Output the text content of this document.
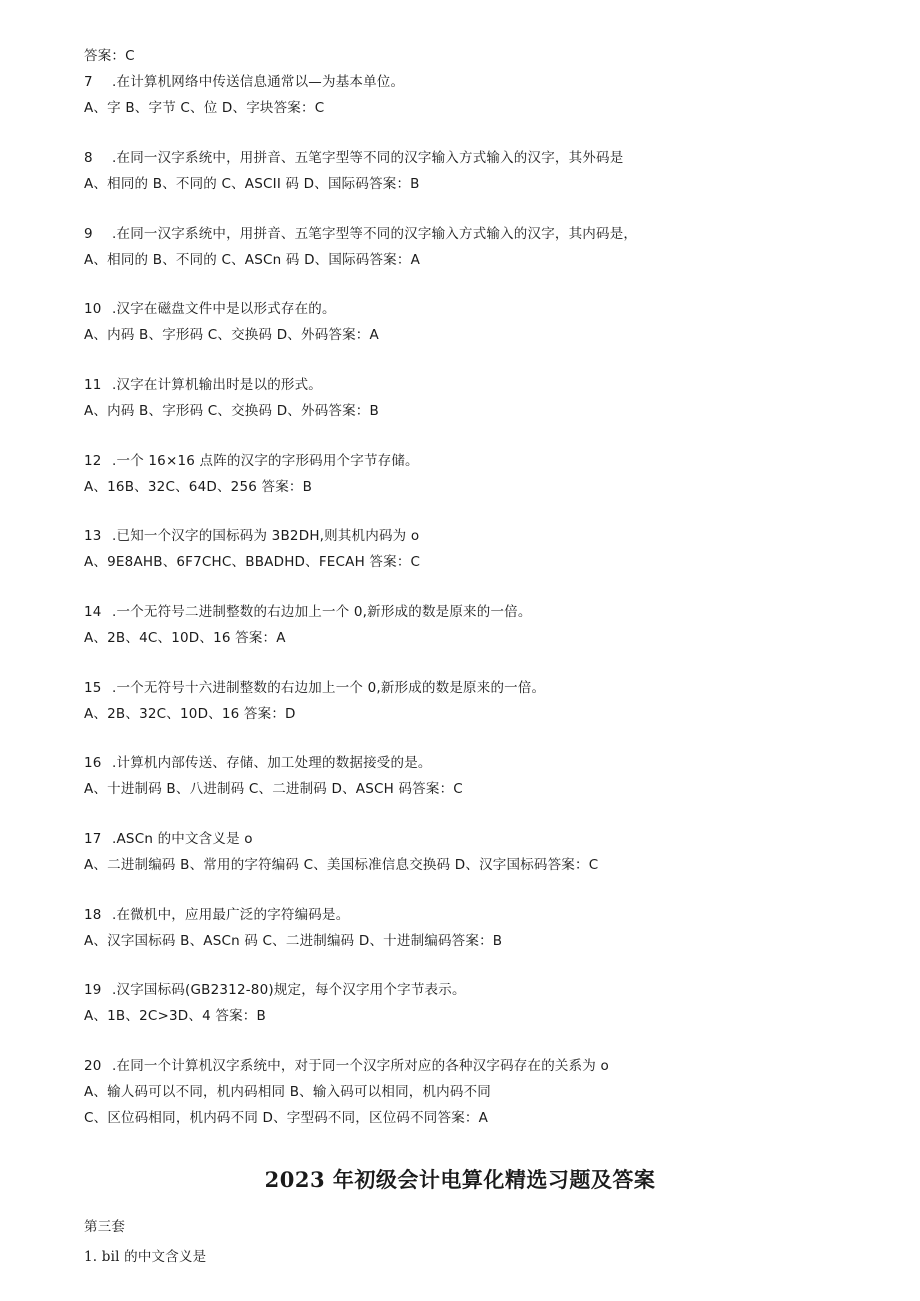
答案：C
7 .在计算机网络中传送信息通常以—为基本单位。
A、字 B、字节 C、位 D、字块答案：C
8 .在同一汉字系统中，用拼音、五笔字型等不同的汉字输入方式输入的汉字，其外码是
A、相同的 B、不同的 C、ASCII 码 D、国际码答案：B
9 .在同一汉字系统中，用拼音、五笔字型等不同的汉字输入方式输入的汉字，其内码是，
A、相同的 B、不同的 C、ASCn 码 D、国际码答案：A
10 .汉字在磁盘文件中是以形式存在的。
A、内码 B、字形码 C、交换码 D、外码答案：A
11 .汉字在计算机输出时是以的形式。
A、内码 B、字形码 C、交换码 D、外码答案：B
12 .一个 16×16 点阵的汉字的字形码用个字节存储。
A、16B、32C、64D、256 答案：B
13 .已知一个汉字的国标码为 3B2DH,则其机内码为 o
A、9E8AHB、6F7CHC、BBADHD、FECAH 答案：C
14 .一个无符号二进制整数的右边加上一个 0,新形成的数是原来的一倍。
A、2B、4C、10D、16 答案：A
15 .一个无符号十六进制整数的右边加上一个 0,新形成的数是原来的一倍。
A、2B、32C、10D、16 答案：D
16 .计算机内部传送、存储、加工处理的数据接受的是。
A、十进制码 B、八进制码 C、二进制码 D、ASCH 码答案：C
17 .ASCn 的中文含义是 o
A、二进制编码 B、常用的字符编码 C、美国标准信息交换码 D、汉字国标码答案：C
18 .在微机中，应用最广泛的字符编码是。
A、汉字国标码 B、ASCn 码 C、二进制编码 D、十进制编码答案：B
19 .汉字国标码(GB2312-80)规定，每个汉字用个字节表示。
A、1B、2C>3D、4 答案：B
20 .在同一个计算机汉字系统中，对于同一个汉字所对应的各种汉字码存在的关系为 o
A、输人码可以不同，机内码相同 B、输入码可以相同，机内码不同
C、区位码相同，机内码不同 D、字型码不同，区位码不同答案：A
2023 年初级会计电算化精选习题及答案
第三套
1. bil 的中文含义是
